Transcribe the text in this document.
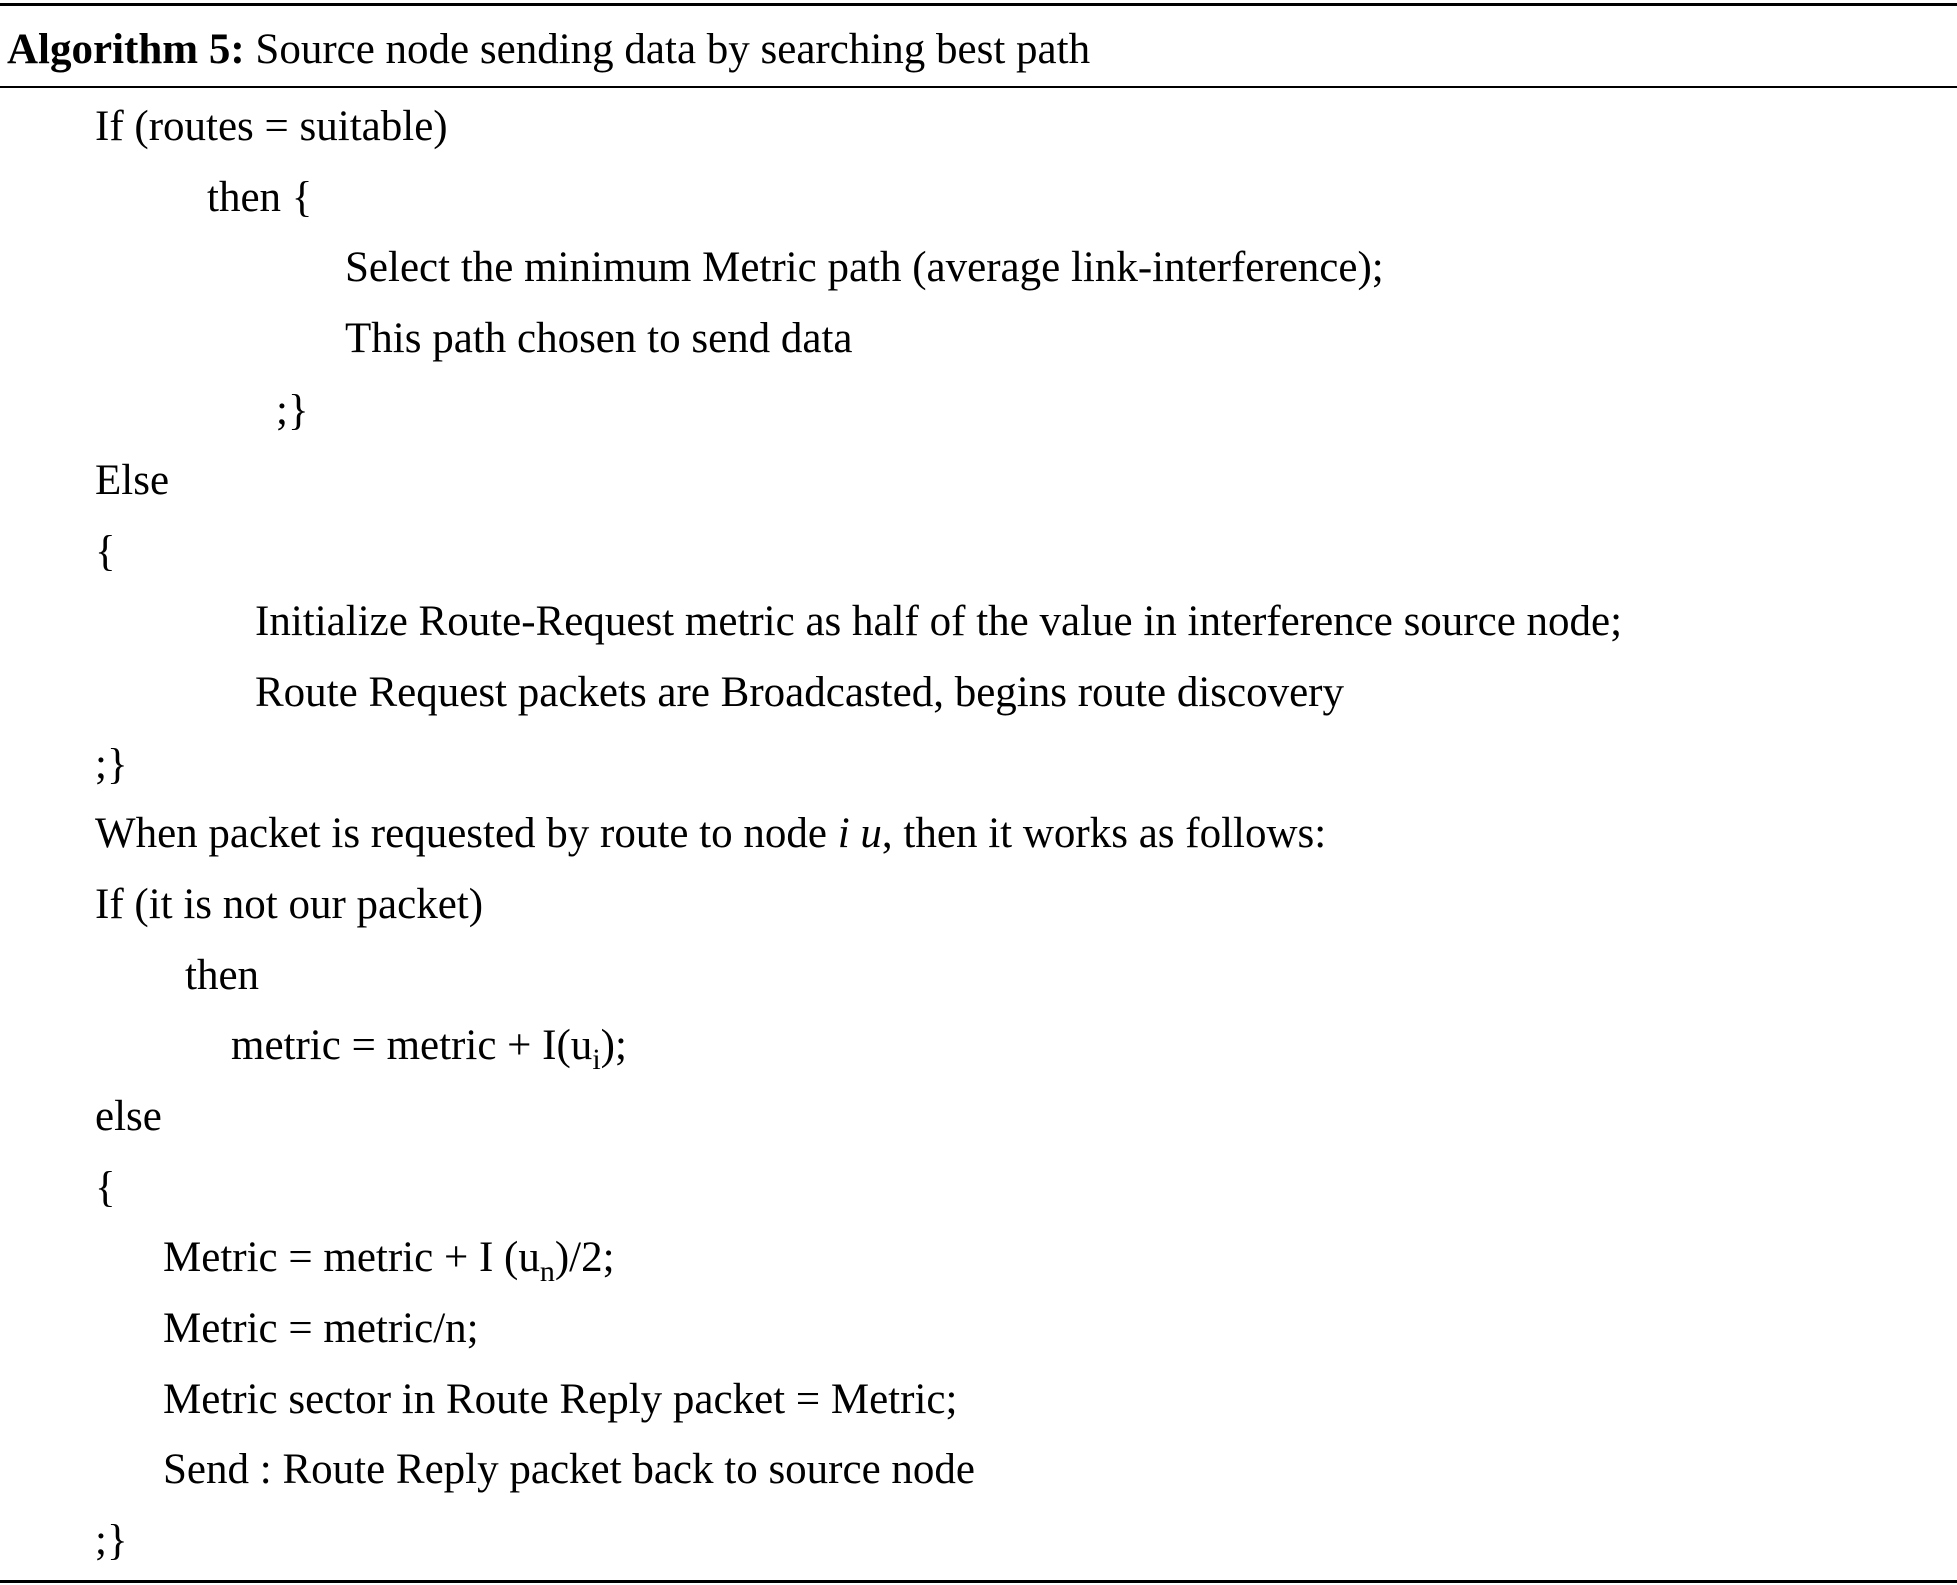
Algorithm 5: Source node sending data by searching best path
If (routes = suitable)
then {
Select the minimum Metric path (average link-interference);
This path chosen to send data
;}
Else
{
Initialize Route-Request metric as half of the value in interference source node;
Route Request packets are Broadcasted, begins route discovery
;}
When packet is requested by route to node i u, then it works as follows:
If (it is not our packet)
then
metric = metric + $I(u_i)$;
else
{
Metric = metric + I $(u_n)/2$;
Metric = metric/n;
Metric sector in Route Reply packet = Metric;
Send : Route Reply packet back to source node
;}
